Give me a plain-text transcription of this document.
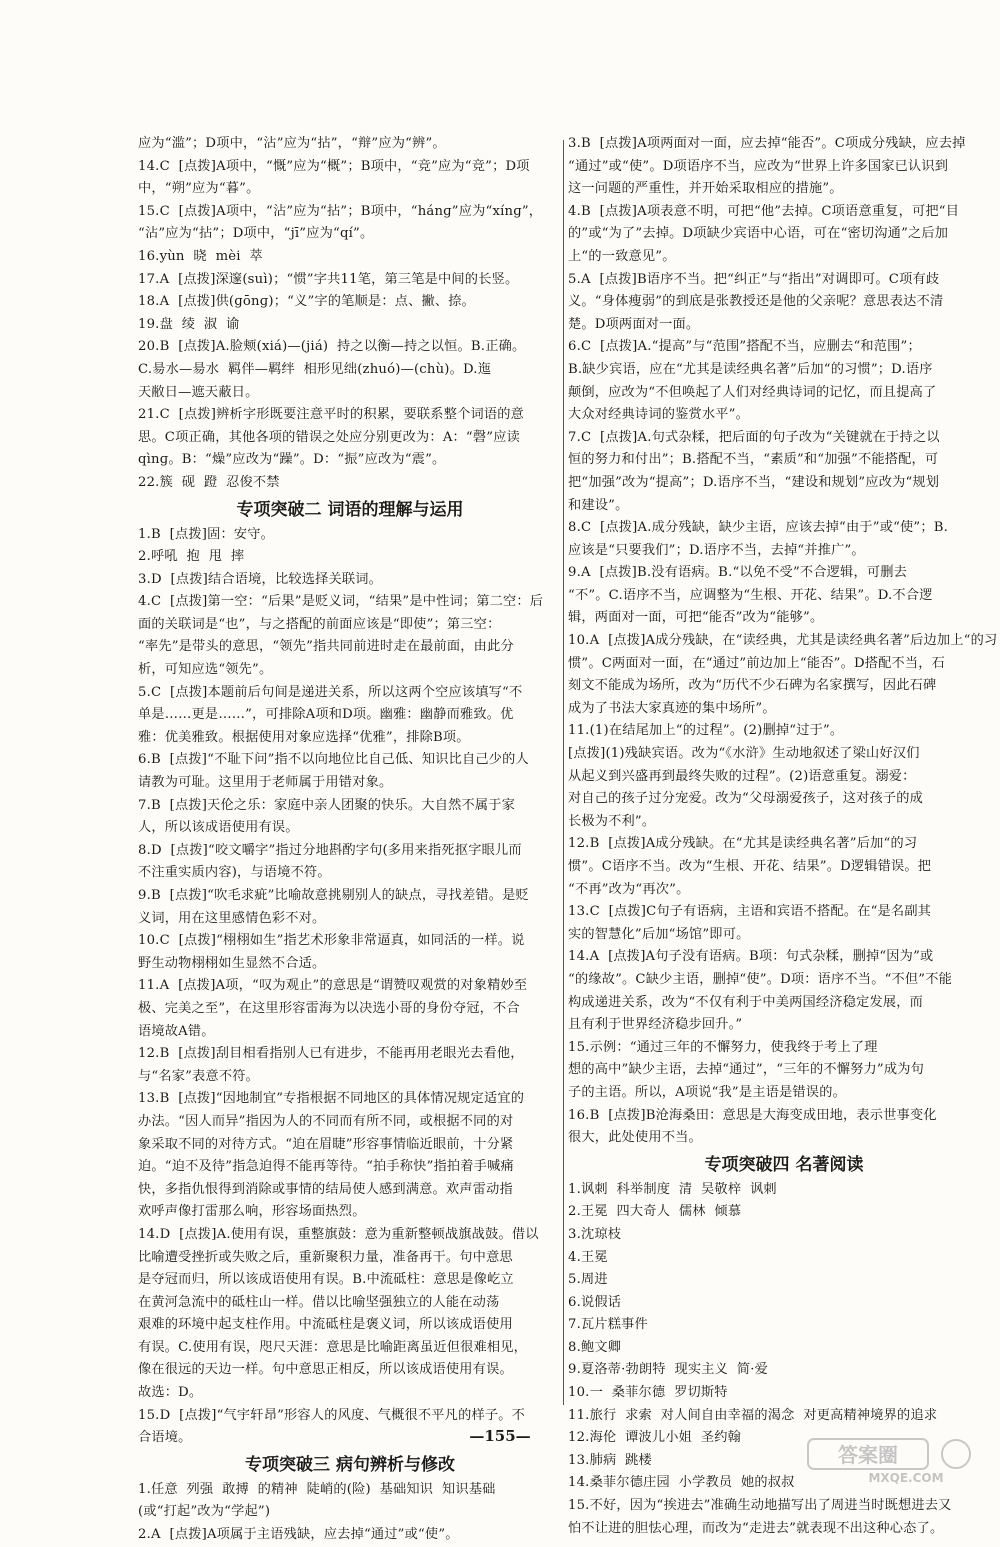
应为“滥”；D项中，“沾”应为“拈”，“辩”应为“辨”。

14.C  [点拨]A项中，“慨”应为“概”；B项中，“竞”应为“竞”；D项

中，“朔”应为“暮”。

15.C  [点拨]A项中，“沾”应为“拈”；B项中，“hánɡ”应为“xínɡ”，

“沾”应为“拈”；D项中，“jī”应为“qí”。

16.yùn  晓  mèi  萃

17.A  [点拨]深邃(suì)；“惯”字共11笔，第三笔是中间的长竖。

18.A  [点拨]供(ɡōnɡ)；“义”字的笔顺是：点、撇、捺。

19.盘  绫  淑  谕

20.B  [点拨]A.脸颊(xiá)—(jiá)  持之以衡—持之以恒。B.正确。

C.昜水—昜水  羁伴—羁绊  相形见绌(zhuó)—(chù)。D.迤

天敝日—遮天蔽日。

21.C  [点拨]辨析字形既要注意平时的积累，要联系整个词语的意

思。C项正确，其他各项的错误之处应分别更改为：A：“磬”应读

qìnɡ。B：“燥”应改为“躁”。D：“振”应改为“震”。

22.簇  砚  蹬  忍俊不禁

专项突破二 词语的理解与运用

1.B  [点拨]固：安守。

2.呼吼  抱  甩  摔

3.D  [点拨]结合语境，比较选择关联词。

4.C  [点拨]第一空：“后果”是贬义词，“结果”是中性词；第二空：后

面的关联词是“也”，与之搭配的前面应该是“即使”；第三空：

“率先”是带头的意思，“领先”指共同前进时走在最前面，由此分

析，可知应选“领先”。

5.C  [点拨]本题前后句间是递进关系，所以这两个空应该填写“不

单是……更是……”，可排除A项和D项。幽雅：幽静而雅致。优

雅：优美雅致。根据使用对象应选择“优雅”，排除B项。

6.B  [点拨]“不耻下问”指不以向地位比自己低、知识比自己少的人

请教为可耻。这里用于老师属于用错对象。

7.B  [点拨]天伦之乐：家庭中亲人团聚的快乐。大自然不属于家

人，所以该成语使用有误。

8.D  [点拨]“咬文嚼字”指过分地斟酌字句(多用来指死抠字眼儿而

不注重实质内容)，与语境不符。

9.B  [点拨]“吹毛求疵”比喻故意挑剔别人的缺点，寻找差错。是贬

义词，用在这里感情色彩不对。

10.C  [点拨]“栩栩如生”指艺术形象非常逼真，如同活的一样。说

野生动物栩栩如生显然不合适。

11.A  [点拨]A项，“叹为观止”的意思是“谓赞叹观赏的对象精妙至

极、完美之至”，在这里形容雷海为以决选小哥的身份夺冠，不合

语境故A错。

12.B  [点拨]刮目相看指别人已有进步，不能再用老眼光去看他，

与“名家”表意不符。

13.B  [点拨]“因地制宜”专指根据不同地区的具体情况规定适宜的

办法。“因人而异”指因为人的不同而有所不同，或根据不同的对

象采取不同的对待方式。“迫在眉睫”形容事情临近眼前，十分紧

迫。“迫不及待”指急迫得不能再等待。“拍手称快”指拍着手喊痛

快，多指仇恨得到消除或事情的结局使人感到满意。欢声雷动指

欢呼声像打雷那么响，形容场面热烈。

14.D  [点拨]A.使用有误，重整旗鼓：意为重新整顿战旗战鼓。借以

比喻遭受挫折或失败之后，重新聚积力量，准备再干。句中意思

是夺冠而归，所以该成语使用有误。B.中流砥柱：意思是像屹立

在黄河急流中的砥柱山一样。借以比喻坚强独立的人能在动荡

艰难的环境中起支柱作用。中流砥柱是褒义词，所以该成语使用

有误。C.使用有误，咫尺天涯：意思是比喻距离虽近但很难相见，

像在很远的天边一样。句中意思正相反，所以该成语使用有误。

故选：D。

15.D  [点拨]“气宇轩昂”形容人的风度、气概很不平凡的样子。不

合语境。

专项突破三 病句辨析与修改

1.任意  列强  敢搏  的精神  陡峭的(险)  基础知识  知识基础

(或“打起”改为“学起”)

2.A  [点拨]A项属于主语残缺，应去掉“通过”或“使”。

3.B  [点拨]A项两面对一面，应去掉“能否”。C项成分残缺，应去掉

“通过”或“使”。D项语序不当，应改为“世界上许多国家已认识到

这一问题的严重性，并开始采取相应的措施”。

4.B  [点拨]A项表意不明，可把“他”去掉。C项语意重复，可把“目

的”或“为了”去掉。D项缺少宾语中心语，可在“密切沟通”之后加

上“的一致意见”。

5.A  [点拨]B语序不当。把“纠正”与“指出”对调即可。C项有歧

义。“身体瘦弱”的到底是张教授还是他的父亲呢？意思表达不清

楚。D项两面对一面。

6.C  [点拨]A.“提高”与“范围”搭配不当，应删去“和范围”；

B.缺少宾语，应在“尤其是读经典名著”后加“的习惯”；D.语序

颠倒，应改为“不但唤起了人们对经典诗词的记忆，而且提高了

大众对经典诗词的鉴赏水平”。

7.C  [点拨]A.句式杂糅，把后面的句子改为“关键就在于持之以

恒的努力和付出”；B.搭配不当，“素质”和“加强”不能搭配，可

把“加强”改为“提高”；D.语序不当，“建设和规划”应改为“规划

和建设”。

8.C  [点拨]A.成分残缺，缺少主语，应该去掉“由于”或“使”；B.

应该是“只要我们”；D.语序不当，去掉“并推广”。

9.A  [点拨]B.没有语病。B.“以免不受”不合逻辑，可删去

“不”。C.语序不当，应调整为“生根、开花、结果”。D.不合逻

辑，两面对一面，可把“能否”改为“能够”。

10.A  [点拨]A成分残缺，在“读经典，尤其是读经典名著”后边加上“的习

惯”。C两面对一面，在“通过”前边加上“能否”。D搭配不当，石

刻文不能成为场所，改为“历代不少石碑为名家撰写，因此石碑

成为了书法大家真迹的集中场所”。

11.(1)在结尾加上“的过程”。(2)删掉“过于”。

[点拨](1)残缺宾语。改为“《水浒》生动地叙述了梁山好汉们

从起义到兴盛再到最终失败的过程”。(2)语意重复。溺爱：

对自己的孩子过分宠爱。改为“父母溺爱孩子，这对孩子的成

长极为不利”。

12.B  [点拨]A成分残缺。在“尤其是读经典名著”后加“的习

惯”。C语序不当。改为“生根、开花、结果”。D逻辑错误。把

“不再”改为“再次”。

13.C  [点拨]C句子有语病，主语和宾语不搭配。在“是名副其

实的智慧化”后加“场馆”即可。

14.A  [点拨]A句子没有语病。B项：句式杂糅，删掉“因为”或

“的缘故”。C缺少主语，删掉“使”。D项：语序不当。“不但”不能

构成递进关系，改为“不仅有利于中美两国经济稳定发展，而

且有利于世界经济稳步回升。”

15.示例：“通过三年的不懈努力，使我终于考上了理

想的高中”缺少主语，去掉“通过”，“三年的不懈努力”成为句

子的主语。所以，A项说“我”是主语是错误的。

16.B  [点拨]B沧海桑田：意思是大海变成田地，表示世事变化

很大，此处使用不当。

专项突破四 名著阅读

1.讽刺  科举制度  清  吴敬梓  讽刺

2.王冕  四大奇人  儒林  倾慕

3.沈琼枝

4.王冕

5.周进

6.说假话

7.瓦片糕事件

8.鲍文卿

9.夏洛蒂·勃朗特  现实主义  简·爱

10.一  桑菲尔德  罗切斯特

11.旅行  求索  对人间自由幸福的渴念  对更高精神境界的追求

12.海伦  谭波儿小姐  圣约翰

13.肺病  跳楼

14.桑菲尔德庄园  小学教员  她的叔叔

15.不好，因为“挨进去”准确生动地描写出了周进当时既想进去又

怕不让进的胆怯心理，而改为“走进去”就表现不出这种心态了。

—155—
答案圈
MXQE.COM
